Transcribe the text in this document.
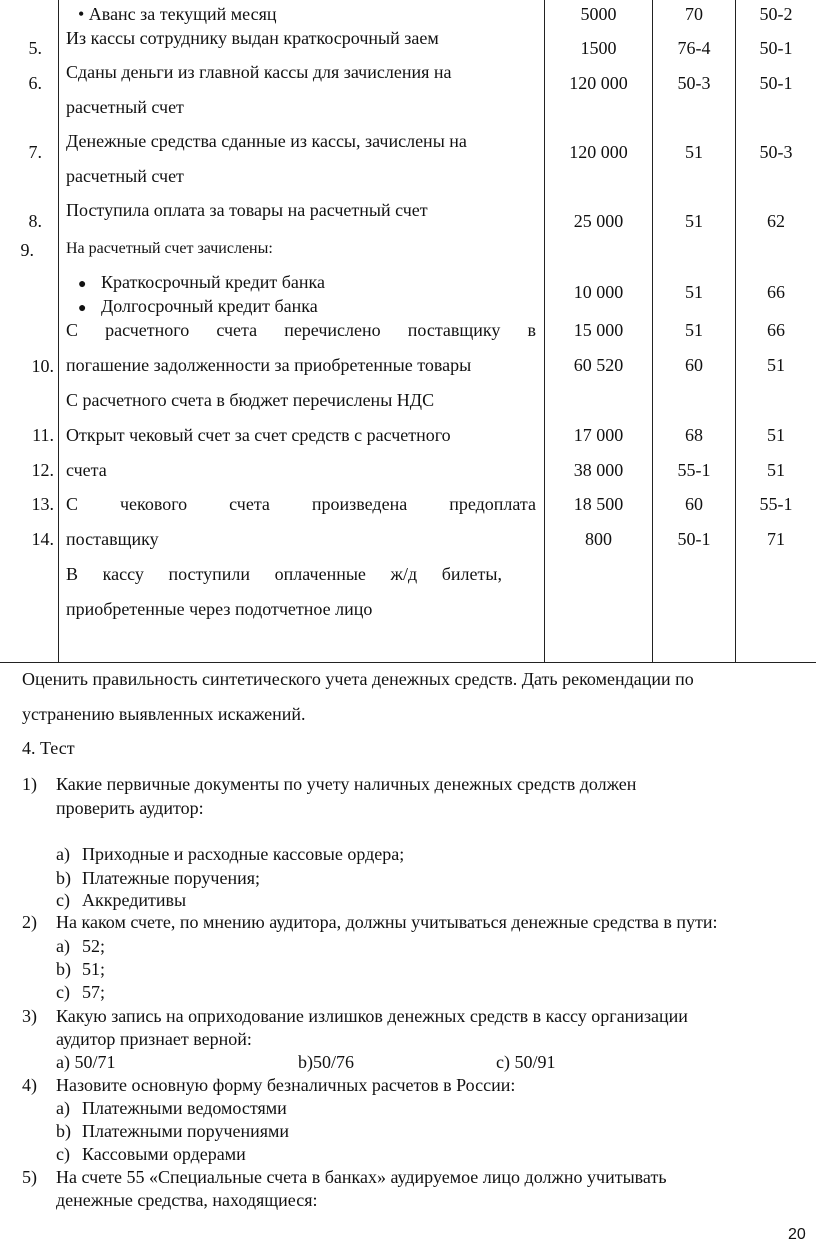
5.
6.
7.
8.
9.
10.
11.
12.
13.
14.
• Аванс за текущий месяц
Из кассы сотруднику выдан краткосрочный заем
Сданы деньги из главной кассы для зачисления на
расчетный счет
Денежные средства сданные из кассы, зачислены на
расчетный счет
Поступила оплата за товары на расчетный счет
На расчетный счет зачислены:
● Краткосрочный кредит банка
● Долгосрочный кредит банка
С расчетного счета перечислено поставщику в
погашение задолженности за приобретенные товары
С расчетного счета в бюджет перечислены НДС
Открыт чековый счет за счет средств с расчетного
счета
С чекового счета произведена предоплата
поставщику
В кассу поступили оплаченные ж/д билеты,
приобретенные через подотчетное лицо
5000
1500
120 000
120 000
25 000
10 000
15 000
60 520
17 000
38 000
18 500
800
70
76-4
50-3
51
51
51
51
60
68
55-1
60
50-1
50-2
50-1
50-1
50-3
62
66
66
51
51
51
55-1
71
Оценить правильность синтетического учета денежных средств. Дать рекомендации по
устранению выявленных искажений.
4. Тест
1) Какие первичные документы по учету наличных денежных средств должен
проверить аудитор:
a) Приходные и расходные кассовые ордера;
b) Платежные поручения;
c) Аккредитивы
2) На каком счете, по мнению аудитора, должны учитываться денежные средства в пути:
a) 52;
b) 51;
c) 57;
3) Какую запись на оприходование излишков денежных средств в кассу организации
аудитор признает верной:
a) 50/71	b)50/76	c) 50/91
4) Назовите основную форму безналичных расчетов в России:
a) Платежными ведомостями
b) Платежными поручениями
c) Кассовыми ордерами
5) На счете 55 «Специальные счета в банках» аудируемое лицо должно учитывать
денежные средства, находящиеся:
20
